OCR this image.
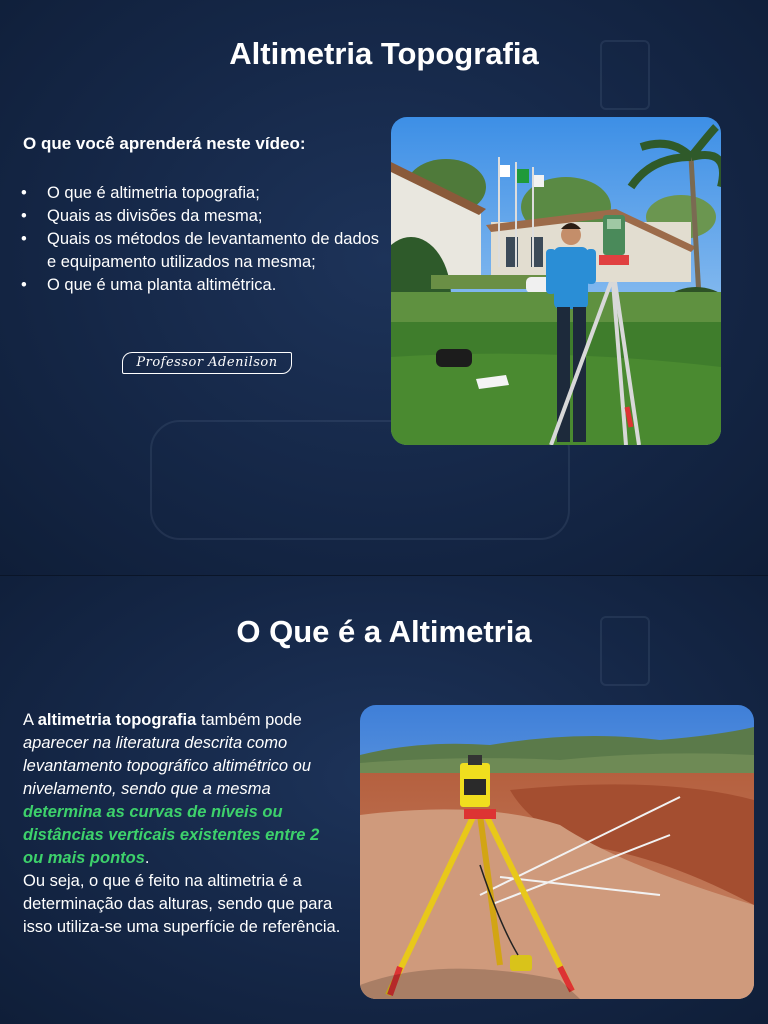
Altimetria Topografia
O que você aprenderá neste vídeo:
• O que é altimetria topografia;
• Quais as divisões da mesma;
• Quais os métodos de levantamento de dados e equipamento utilizados na mesma;
• O que é uma planta altimétrica.
Professor Adenilson
O Que é a Altimetria

A altimetria topografia também pode aparecer na literatura descrita como levantamento topográfico altimétrico ou nivelamento, sendo que a mesma determina as curvas de níveis ou distâncias verticais existentes entre 2 ou mais pontos.

Ou seja, o que é feito na altimetria é a determinação das alturas, sendo que para isso utiliza-se uma superfície de referência.
